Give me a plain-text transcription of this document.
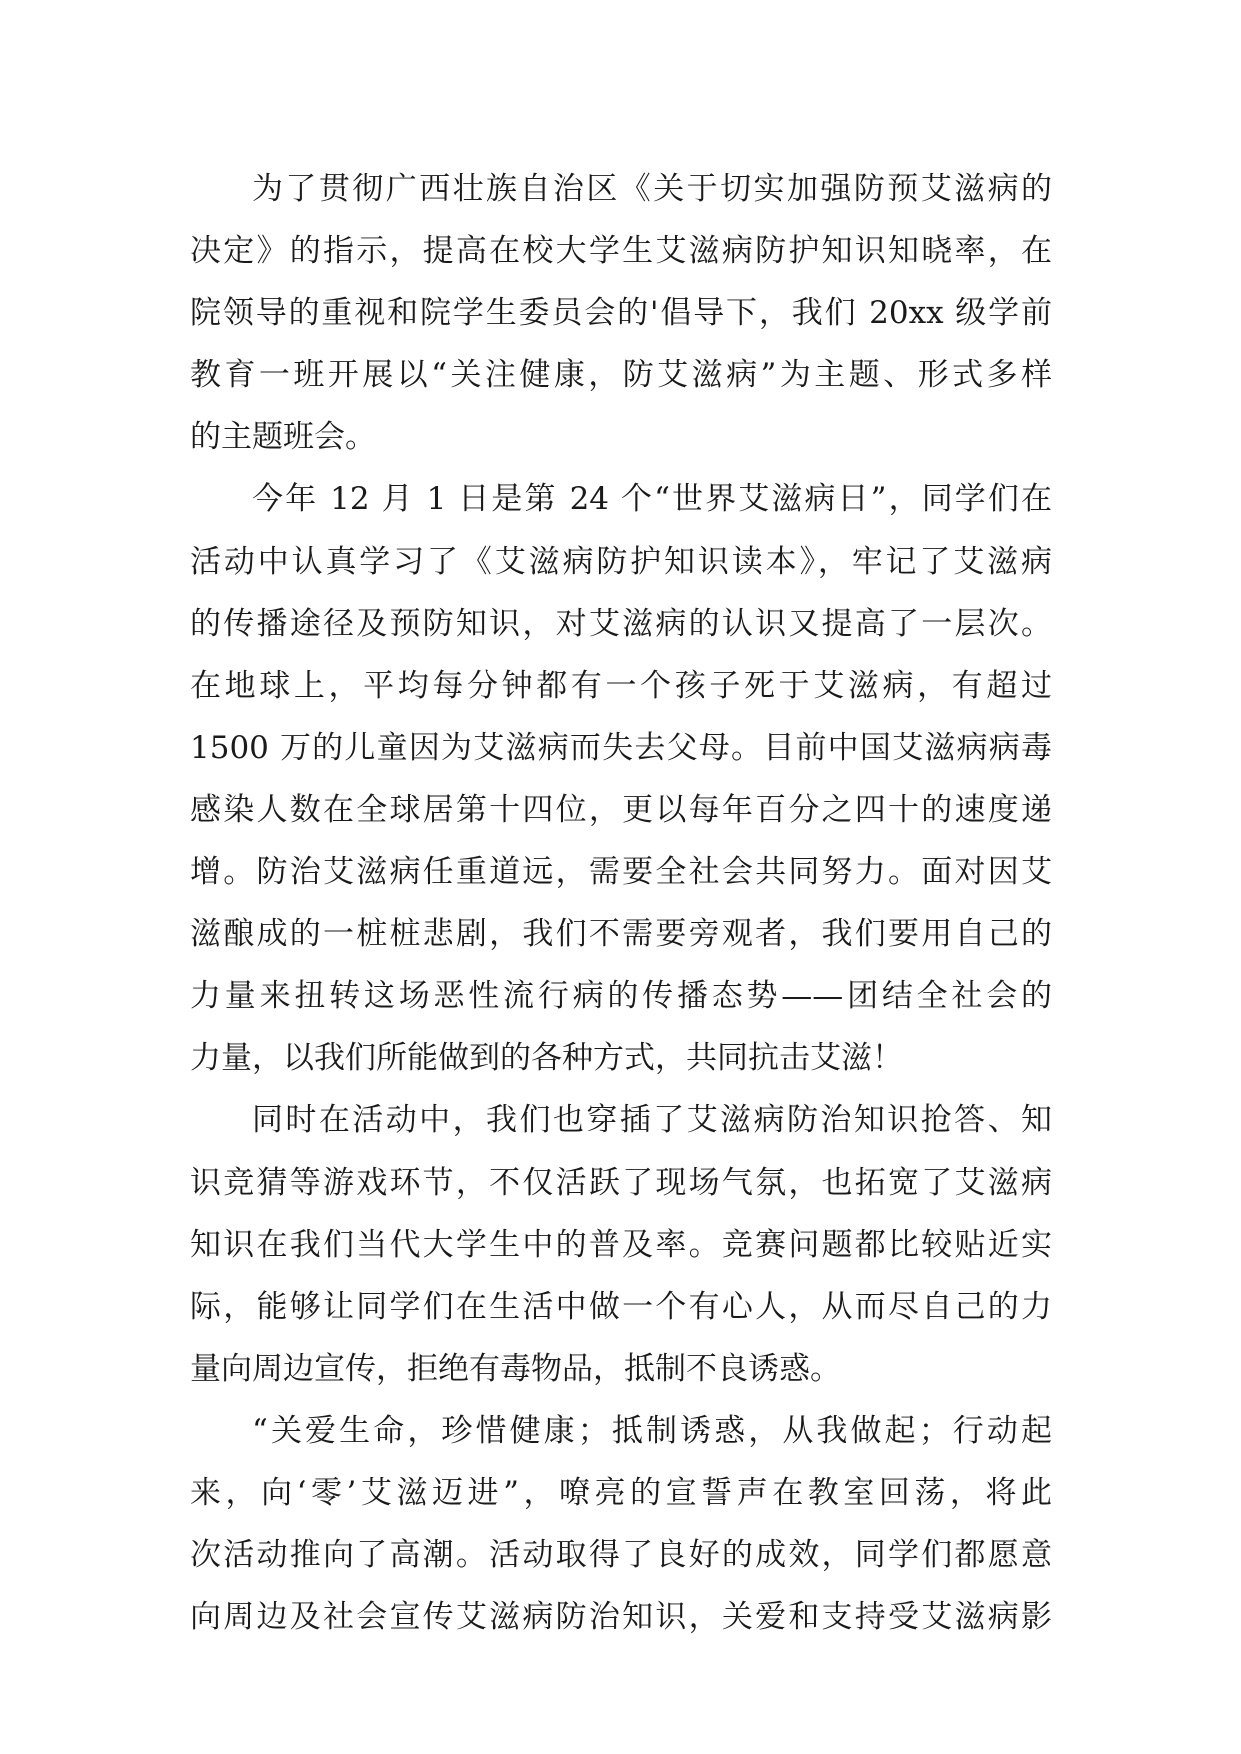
为了贯彻广西壮族自治区《关于切实加强防预艾滋病的
决定》的指示，提高在校大学生艾滋病防护知识知晓率，在
院领导的重视和院学生委员会的'倡导下，我们 20xx 级学前
教育一班开展以“关注健康，防艾滋病”为主题、形式多样
的主题班会。
今年 12 月 1 日是第 24 个“世界艾滋病日”，同学们在
活动中认真学习了《艾滋病防护知识读本》，牢记了艾滋病
的传播途径及预防知识，对艾滋病的认识又提高了一层次。
在地球上，平均每分钟都有一个孩子死于艾滋病，有超过
1500 万的儿童因为艾滋病而失去父母。目前中国艾滋病病毒
感染人数在全球居第十四位，更以每年百分之四十的速度递
增。防治艾滋病任重道远，需要全社会共同努力。面对因艾
滋酿成的一桩桩悲剧，我们不需要旁观者，我们要用自己的
力量来扭转这场恶性流行病的传播态势——团结全社会的
力量，以我们所能做到的各种方式，共同抗击艾滋！
同时在活动中，我们也穿插了艾滋病防治知识抢答、知
识竞猜等游戏环节，不仅活跃了现场气氛，也拓宽了艾滋病
知识在我们当代大学生中的普及率。竞赛问题都比较贴近实
际，能够让同学们在生活中做一个有心人，从而尽自己的力
量向周边宣传，拒绝有毒物品，抵制不良诱惑。
“关爱生命，珍惜健康；抵制诱惑，从我做起；行动起
来，向‘零’艾滋迈进”，嘹亮的宣誓声在教室回荡，将此
次活动推向了高潮。活动取得了良好的成效，同学们都愿意
向周边及社会宣传艾滋病防治知识，关爱和支持受艾滋病影
